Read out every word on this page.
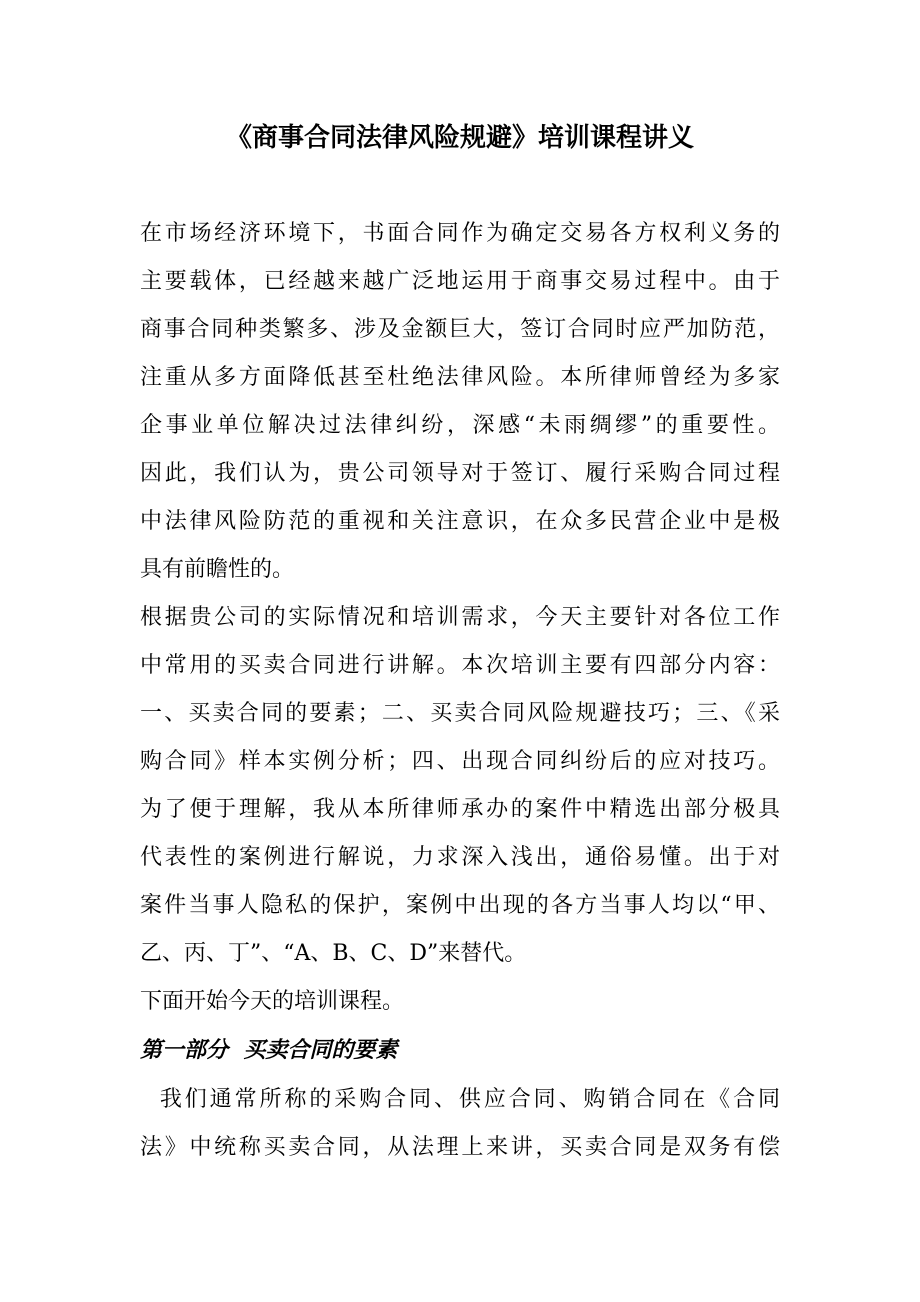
《商事合同法律风险规避》培训课程讲义
在市场经济环境下，书面合同作为确定交易各方权利义务的
主要载体，已经越来越广泛地运用于商事交易过程中。由于
商事合同种类繁多、涉及金额巨大，签订合同时应严加防范，
注重从多方面降低甚至杜绝法律风险。本所律师曾经为多家
企事业单位解决过法律纠纷，深感“未雨绸缪”的重要性。
因此，我们认为，贵公司领导对于签订、履行采购合同过程
中法律风险防范的重视和关注意识，在众多民营企业中是极
具有前瞻性的。
根据贵公司的实际情况和培训需求，今天主要针对各位工作
中常用的买卖合同进行讲解。本次培训主要有四部分内容：
一、买卖合同的要素；二、买卖合同风险规避技巧；三、《采
购合同》样本实例分析；四、出现合同纠纷后的应对技巧。
为了便于理解，我从本所律师承办的案件中精选出部分极具
代表性的案例进行解说，力求深入浅出，通俗易懂。出于对
案件当事人隐私的保护，案例中出现的各方当事人均以“甲、
乙、丙、丁”、“A、B、C、D”来替代。
下面开始今天的培训课程。
第一部分  买卖合同的要素
我们通常所称的采购合同、供应合同、购销合同在《合同
法》中统称买卖合同，从法理上来讲，买卖合同是双务有偿
